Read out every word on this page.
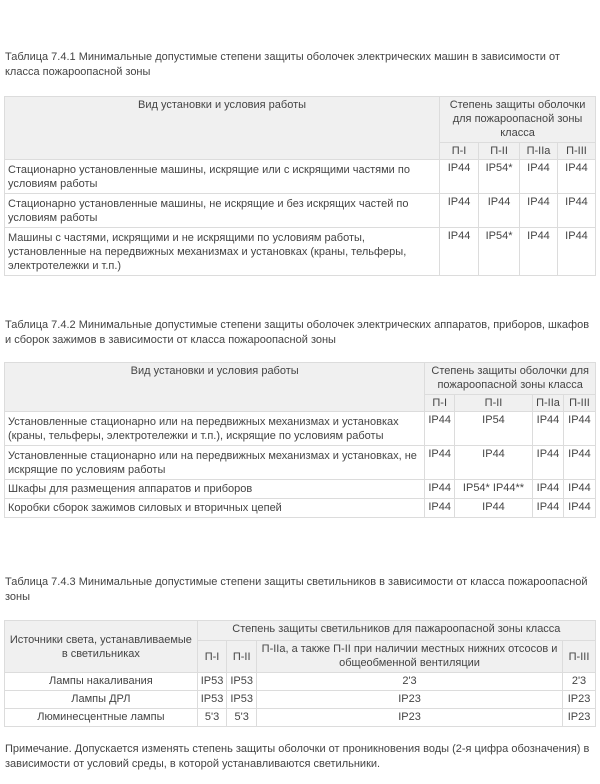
Таблица 7.4.1 Минимальные допустимые степени защиты оболочек электрических машин в зависимости от класса пожароопасной зоны
Вид установки и условия работы	Степень защиты оболочки для пожароопасной зоны класса			
	П-I	П-II	П-IIа	П-III
Стационарно установленные машины, искрящие или с искрящими частями по условиям работы	IP44	IP54*	IP44	IP44
Стационарно установленные машины, не искрящие и без искрящих частей по условиям работы	IP44	IP44	IP44	IP44
Машины с частями, искрящими и не искрящими по условиям работы, установленные на передвижных механизмах и установках (краны, тельферы, электротележки и т.п.)	IP44	IP54*	IP44	IP44
Таблица 7.4.2 Минимальные допустимые степени защиты оболочек электрических аппаратов, приборов, шкафов и сборок зажимов в зависимости от класса пожароопасной зоны
Вид установки и условия работы	Степень защиты оболочки для пожароопасной зоны класса			
	П-I	П-II	П-IIа	П-III
Установленные стационарно или на передвижных механизмах и установках (краны, тельферы, электротележки и т.п.), искрящие по условиям работы	IP44	IP54	IP44	IP44
Установленные стационарно или на передвижных механизмах и установках, не искрящие по условиям работы	IP44	IP44	IP44	IP44
Шкафы для размещения аппаратов и приборов	IP44	IP54* IP44**	IP44	IP44
Коробки сборок зажимов силовых и вторичных цепей	IP44	IP44	IP44	IP44
Таблица 7.4.3 Минимальные допустимые степени защиты светильников в зависимости от класса пожароопасной зоны
Источники света, устанавливаемые в светильниках	Степень защиты светильников для пажароопасной зоны класса			
	П-I	П-II	П-IIа, а также П-II при наличии местных нижних отсосов и общеобменной вентиляции	П-III
Лампы накаливания	IP53	IP53	2'3	2'3
Лампы ДРЛ	IP53	IP53	IP23	IP23
Люминесцентные лампы	5'3	5'3	IP23	IP23
Примечание. Допускается изменять степень защиты оболочки от проникновения воды (2-я цифра обозначения) в зависимости от условий среды, в которой устанавливаются светильники.
